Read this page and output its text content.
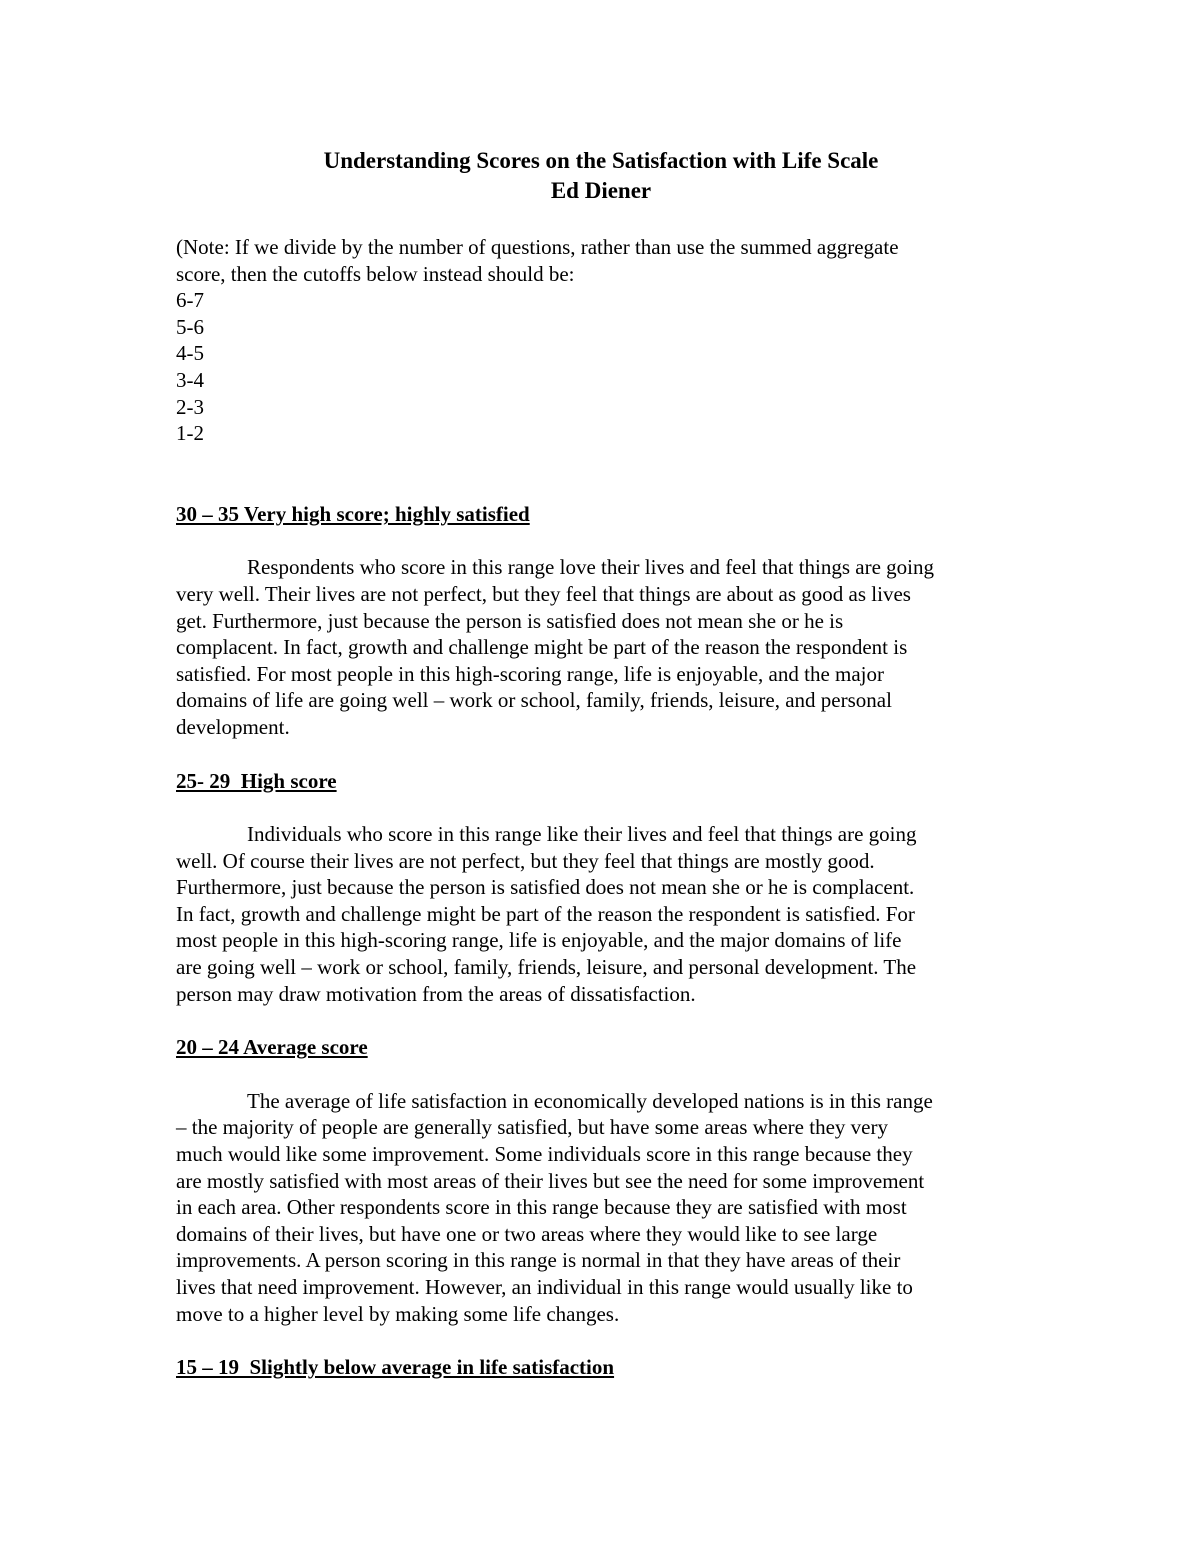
Understanding Scores on the Satisfaction with Life Scale
Ed Diener
(Note: If we divide by the number of questions, rather than use the summed aggregate
score, then the cutoffs below instead should be:
6-7
5-6
4-5
3-4
2-3
1-2
30 – 35 Very high score; highly satisfied
Respondents who score in this range love their lives and feel that things are going
very well. Their lives are not perfect, but they feel that things are about as good as lives
get. Furthermore, just because the person is satisfied does not mean she or he is
complacent. In fact, growth and challenge might be part of the reason the respondent is
satisfied. For most people in this high-scoring range, life is enjoyable, and the major
domains of life are going well – work or school, family, friends, leisure, and personal
development.
25- 29  High score
Individuals who score in this range like their lives and feel that things are going
well. Of course their lives are not perfect, but they feel that things are mostly good.
Furthermore, just because the person is satisfied does not mean she or he is complacent.
In fact, growth and challenge might be part of the reason the respondent is satisfied. For
most people in this high-scoring range, life is enjoyable, and the major domains of life
are going well – work or school, family, friends, leisure, and personal development. The
person may draw motivation from the areas of dissatisfaction.
20 – 24 Average score
The average of life satisfaction in economically developed nations is in this range
– the majority of people are generally satisfied, but have some areas where they very
much would like some improvement. Some individuals score in this range because they
are mostly satisfied with most areas of their lives but see the need for some improvement
in each area. Other respondents score in this range because they are satisfied with most
domains of their lives, but have one or two areas where they would like to see large
improvements. A person scoring in this range is normal in that they have areas of their
lives that need improvement. However, an individual in this range would usually like to
move to a higher level by making some life changes.
15 – 19  Slightly below average in life satisfaction
